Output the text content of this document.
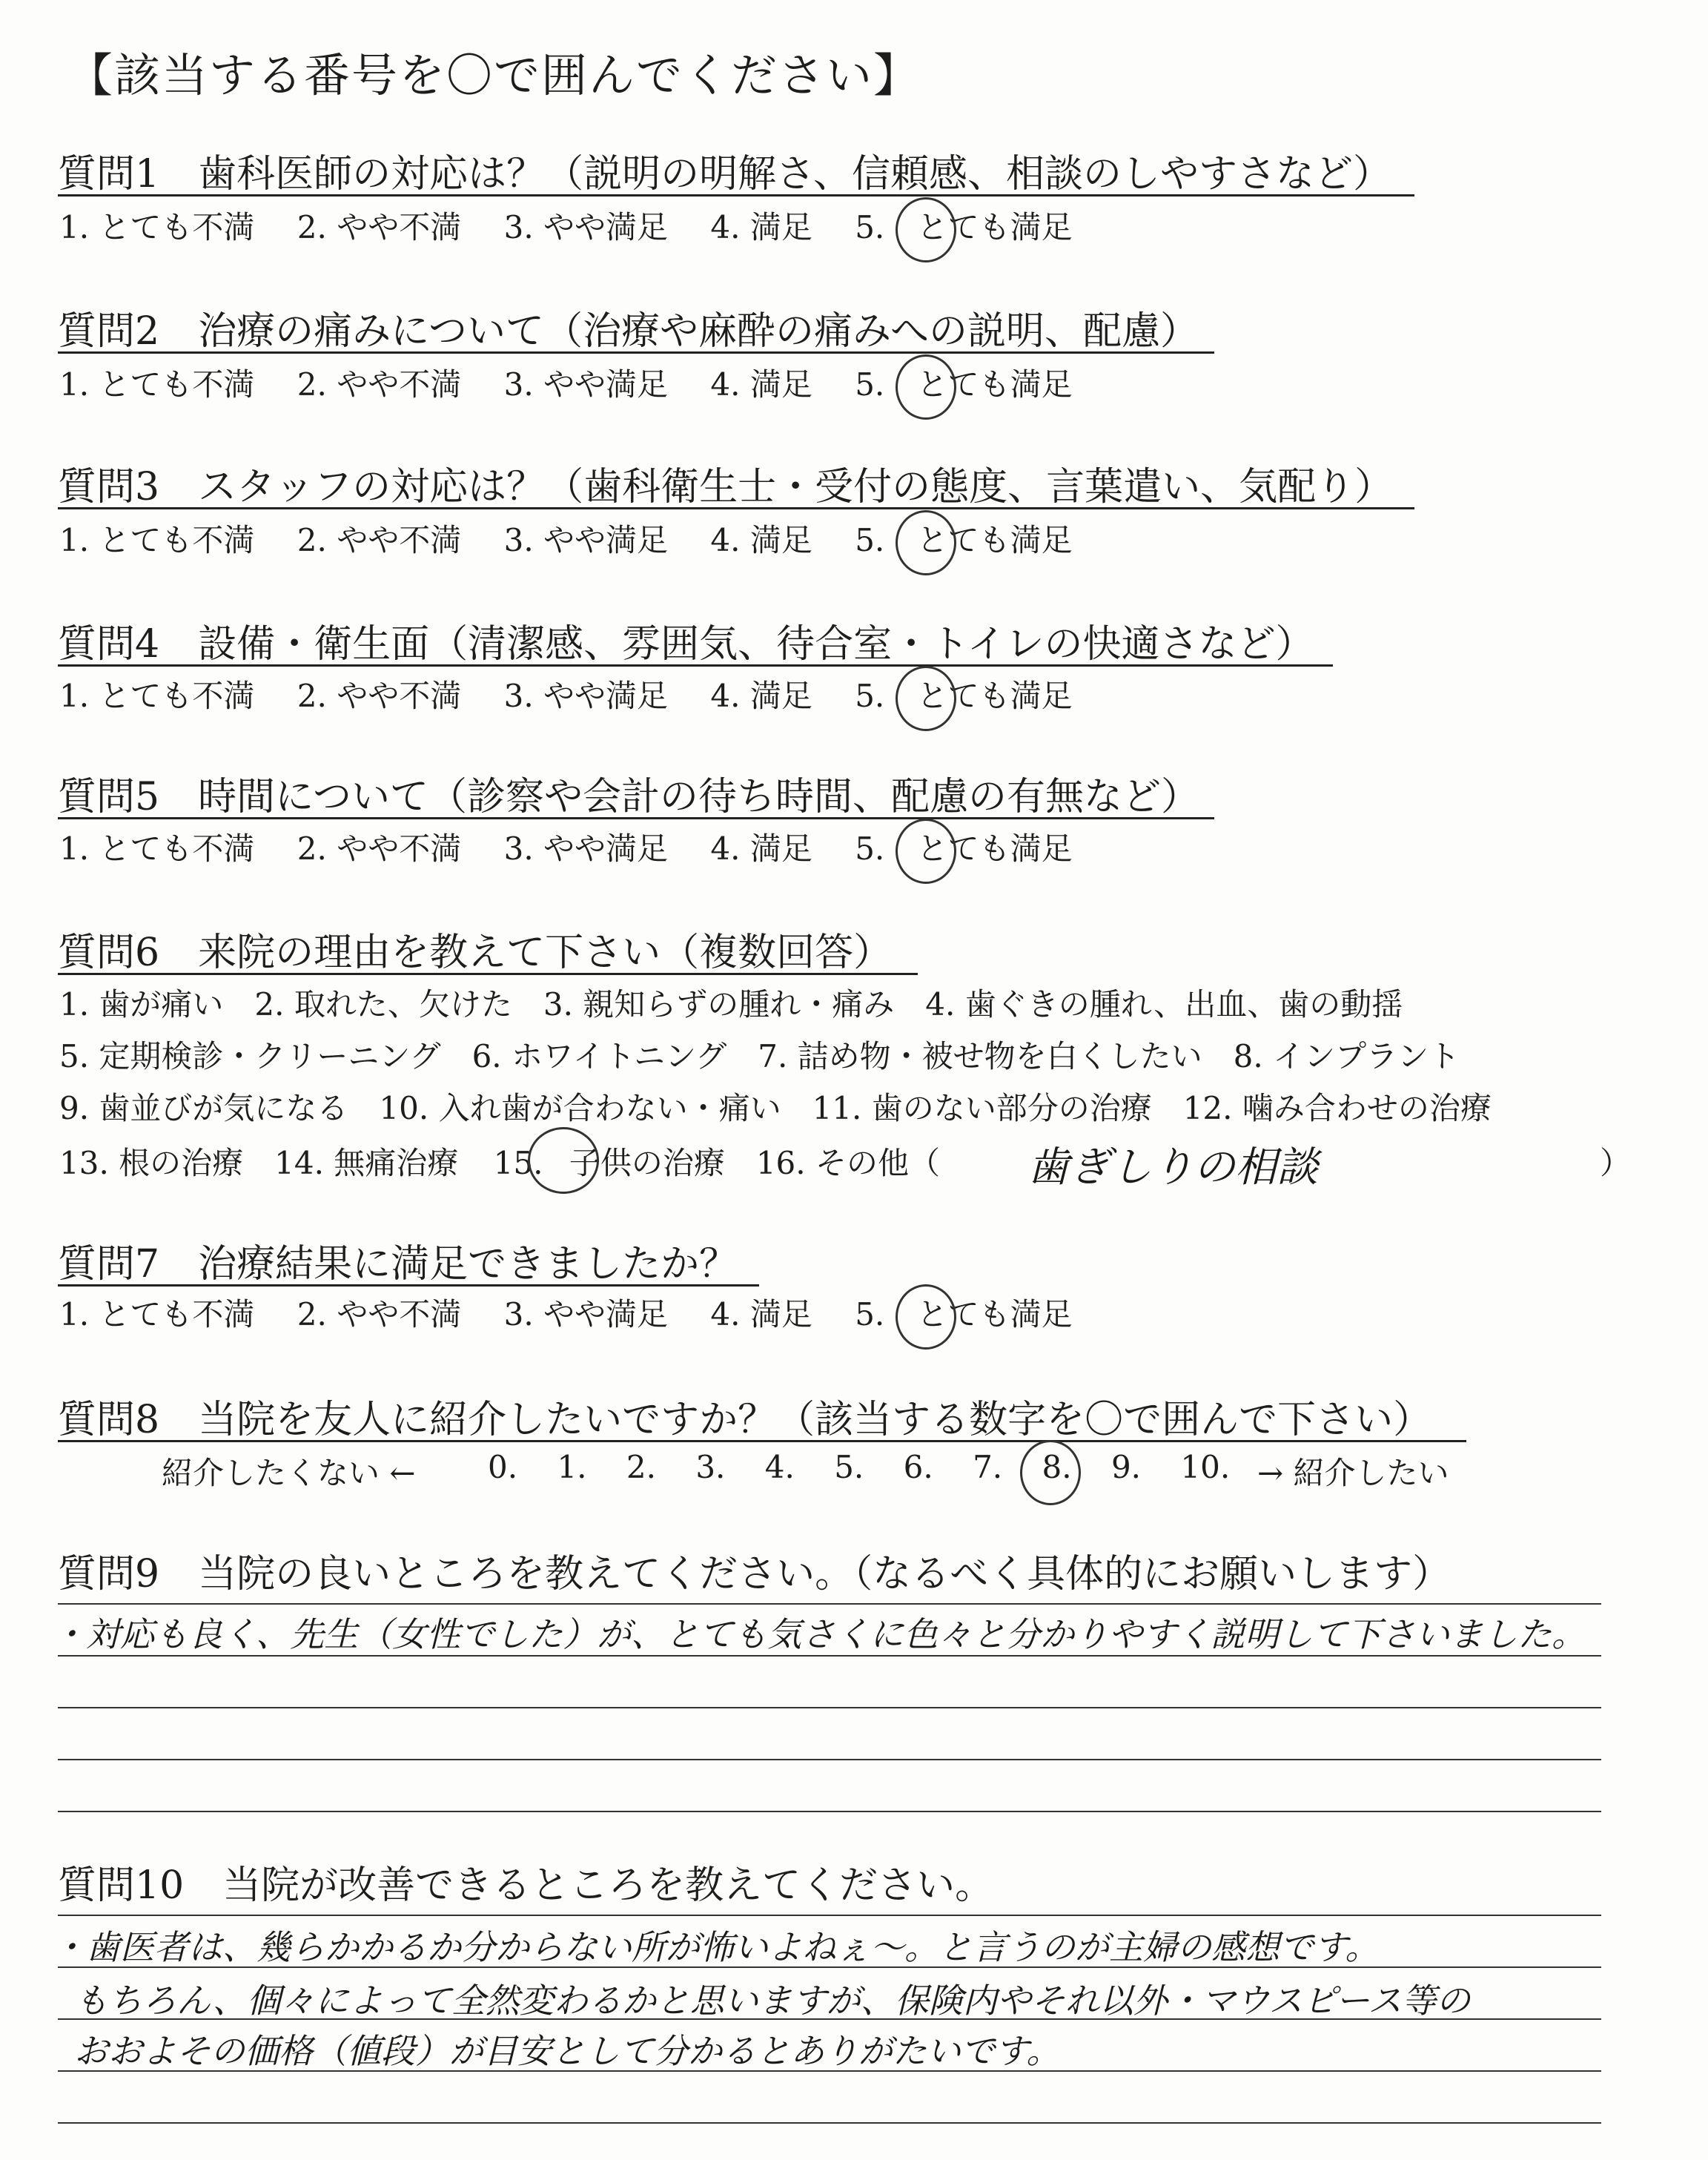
【該当する番号を〇で囲んでください】
質問1　歯科医師の対応は？（説明の明解さ、信頼感、相談のしやすさなど）
1. とても不満 2. やや不満 3. やや満足 4. 満足 5. とても満足
質問2　治療の痛みについて（治療や麻酔の痛みへの説明、配慮）
1. とても不満 2. やや不満 3. やや満足 4. 満足 5. とても満足
質問3　スタッフの対応は？（歯科衛生士・受付の態度、言葉遣い、気配り）
1. とても不満 2. やや不満 3. やや満足 4. 満足 5. とても満足
質問4　設備・衛生面（清潔感、雰囲気、待合室・トイレの快適さなど）
1. とても不満 2. やや不満 3. やや満足 4. 満足 5. とても満足
質問5　時間について（診察や会計の待ち時間、配慮の有無など）
1. とても不満 2. やや不満 3. やや満足 4. 満足 5. とても満足
質問6　来院の理由を教えて下さい（複数回答）
1. 歯が痛い　2. 取れた、欠けた　3. 親知らずの腫れ・痛み　4. 歯ぐきの腫れ、出血、歯の動揺
5. 定期検診・クリーニング　6. ホワイトニング　7. 詰め物・被せ物を白くしたい　8. インプラント
9. 歯並びが気になる　10. 入れ歯が合わない・痛い　11. 歯のない部分の治療　12. 噛み合わせの治療
13. 根の治療　14. 無痛治療 15. 子供の治療　16. その他（ 歯ぎしりの相談	）
質問7　治療結果に満足できましたか？
1. とても不満 2. やや不満 3. やや満足 4. 満足 5. とても満足
質問8　当院を友人に紹介したいですか？（該当する数字を〇で囲んで下さい）
紹介したくない ← 0. 1. 2. 3. 4. 5. 6. 7. 8. 9. 10. → 紹介したい
質問9　当院の良いところを教えてください。（なるべく具体的にお願いします）
・対応も良く、先生（女性でした）が、とても気さくに色々と分かりやすく説明して下さいました。
質問10　当院が改善できるところを教えてください。
・歯医者は、幾らかかるか分からない所が怖いよねぇ〜。と言うのが主婦の感想です。
もちろん、個々によって全然変わるかと思いますが、保険内やそれ以外・マウスピース等の
おおよその価格（値段）が目安として分かるとありがたいです。
